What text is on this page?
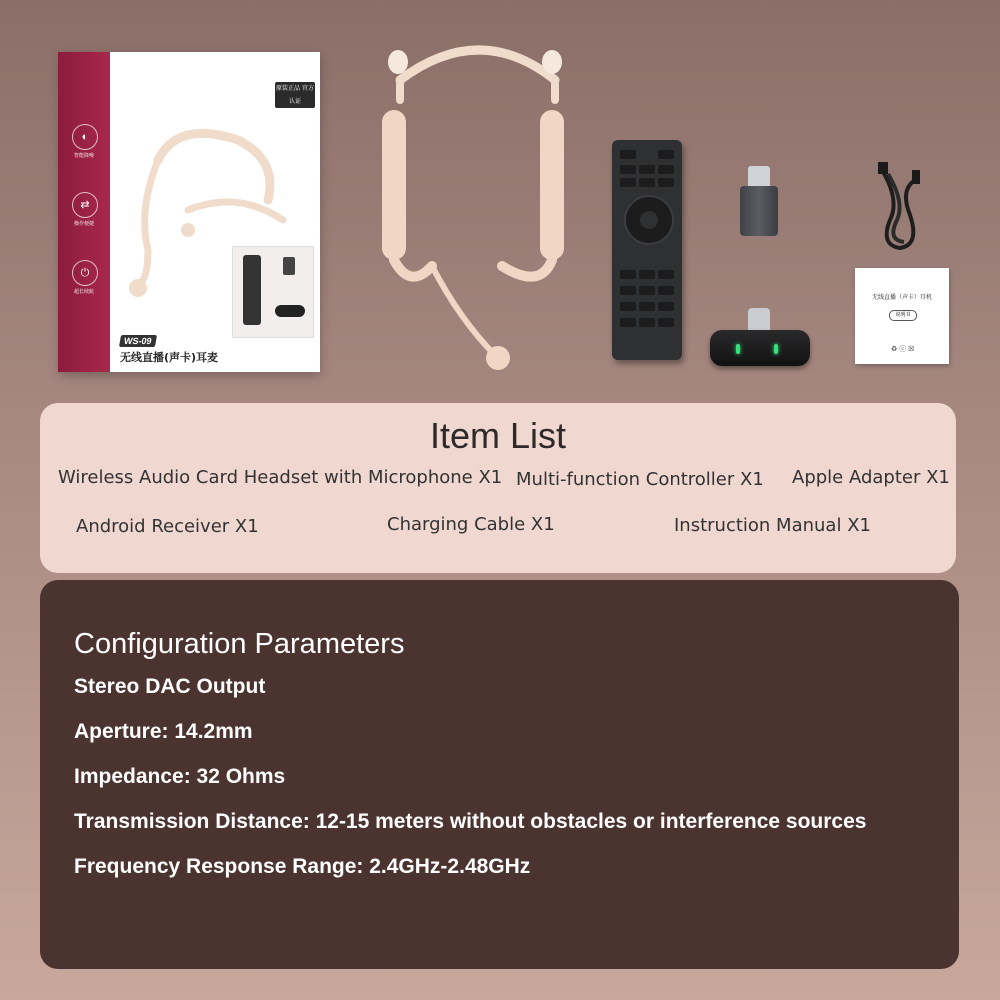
◐
智能降噪
⇄
操作便捷
⏻
超长续航
原装正品 官方认证
WS-09
无线直播(声卡)耳麦
无线直播（声卡）耳机
说明书
♻ ⓒ ☒
Item List
Wireless Audio Card Headset with Microphone X1 Multi-function Controller X1 Apple Adapter X1
Android Receiver X1	Charging Cable X1	Instruction Manual X1
Configuration Parameters
Stereo DAC Output
Aperture: 14.2mm
Impedance: 32 Ohms
Transmission Distance: 12-15 meters without obstacles or interference sources
Frequency Response Range: 2.4GHz-2.48GHz
